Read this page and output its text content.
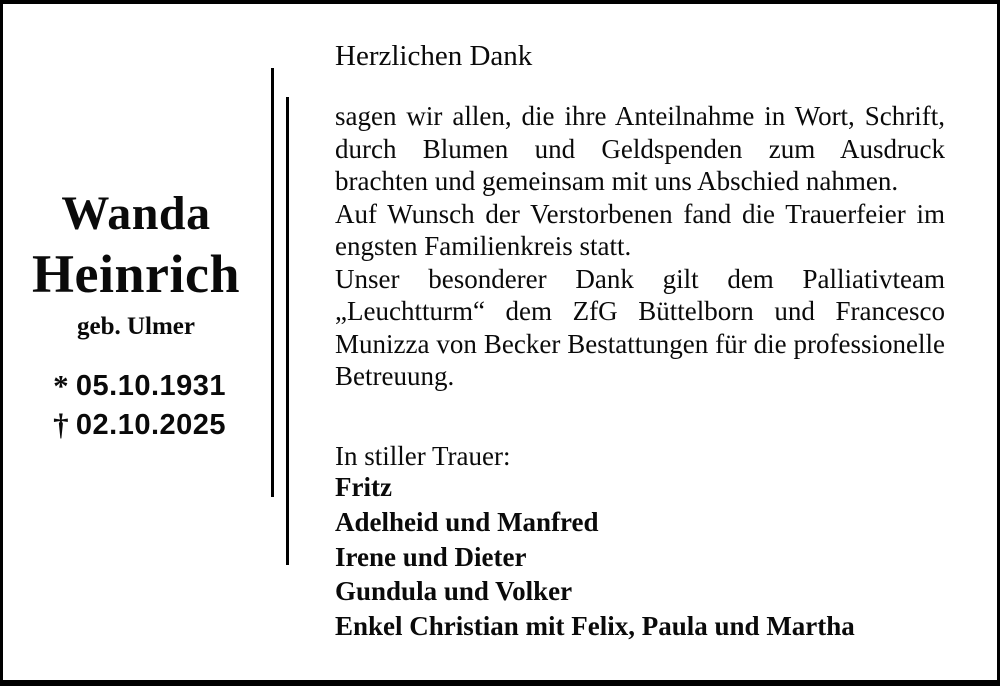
Wanda
Heinrich
geb. Ulmer
* 05.10.1931
† 02.10.2025
Herzlichen Dank
sagen wir allen, die ihre Anteilnahme in Wort, Schrift,
durch Blumen und Geldspenden zum Ausdruck
brachten und gemeinsam mit uns Abschied nahmen.
Auf Wunsch der Verstorbenen fand die Trauerfeier im
engsten Familienkreis statt.
Unser besonderer Dank gilt dem Palliativteam
„Leuchtturm“ dem ZfG Büttelborn und Francesco
Munizza von Becker Bestattungen für die professionelle
Betreuung.
In stiller Trauer:
Fritz
Adelheid und Manfred
Irene und Dieter
Gundula und Volker
Enkel Christian mit Felix, Paula und Martha
